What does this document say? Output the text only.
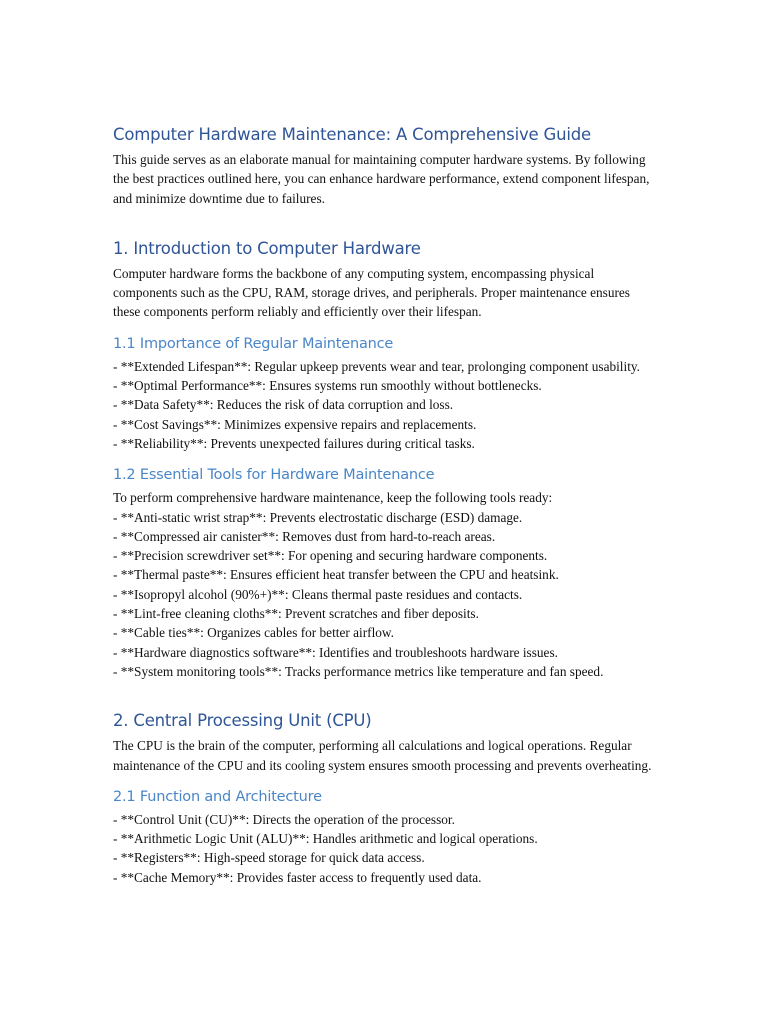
Computer Hardware Maintenance: A Comprehensive Guide

This guide serves as an elaborate manual for maintaining computer hardware systems. By following the best practices outlined here, you can enhance hardware performance, extend component lifespan, and minimize downtime due to failures.

1. Introduction to Computer Hardware

Computer hardware forms the backbone of any computing system, encompassing physical components such as the CPU, RAM, storage drives, and peripherals. Proper maintenance ensures these components perform reliably and efficiently over their lifespan.

1.1 Importance of Regular Maintenance
- **Extended Lifespan**: Regular upkeep prevents wear and tear, prolonging component usability.
- **Optimal Performance**: Ensures systems run smoothly without bottlenecks.
- **Data Safety**: Reduces the risk of data corruption and loss.
- **Cost Savings**: Minimizes expensive repairs and replacements.
- **Reliability**: Prevents unexpected failures during critical tasks.
1.2 Essential Tools for Hardware Maintenance
To perform comprehensive hardware maintenance, keep the following tools ready:
- **Anti-static wrist strap**: Prevents electrostatic discharge (ESD) damage.
- **Compressed air canister**: Removes dust from hard-to-reach areas.
- **Precision screwdriver set**: For opening and securing hardware components.
- **Thermal paste**: Ensures efficient heat transfer between the CPU and heatsink.
- **Isopropyl alcohol (90%+)**: Cleans thermal paste residues and contacts.
- **Lint-free cleaning cloths**: Prevent scratches and fiber deposits.
- **Cable ties**: Organizes cables for better airflow.
- **Hardware diagnostics software**: Identifies and troubleshoots hardware issues.
- **System monitoring tools**: Tracks performance metrics like temperature and fan speed.
2. Central Processing Unit (CPU)

The CPU is the brain of the computer, performing all calculations and logical operations. Regular maintenance of the CPU and its cooling system ensures smooth processing and prevents overheating.

2.1 Function and Architecture
- **Control Unit (CU)**: Directs the operation of the processor.
- **Arithmetic Logic Unit (ALU)**: Handles arithmetic and logical operations.
- **Registers**: High-speed storage for quick data access.
- **Cache Memory**: Provides faster access to frequently used data.
